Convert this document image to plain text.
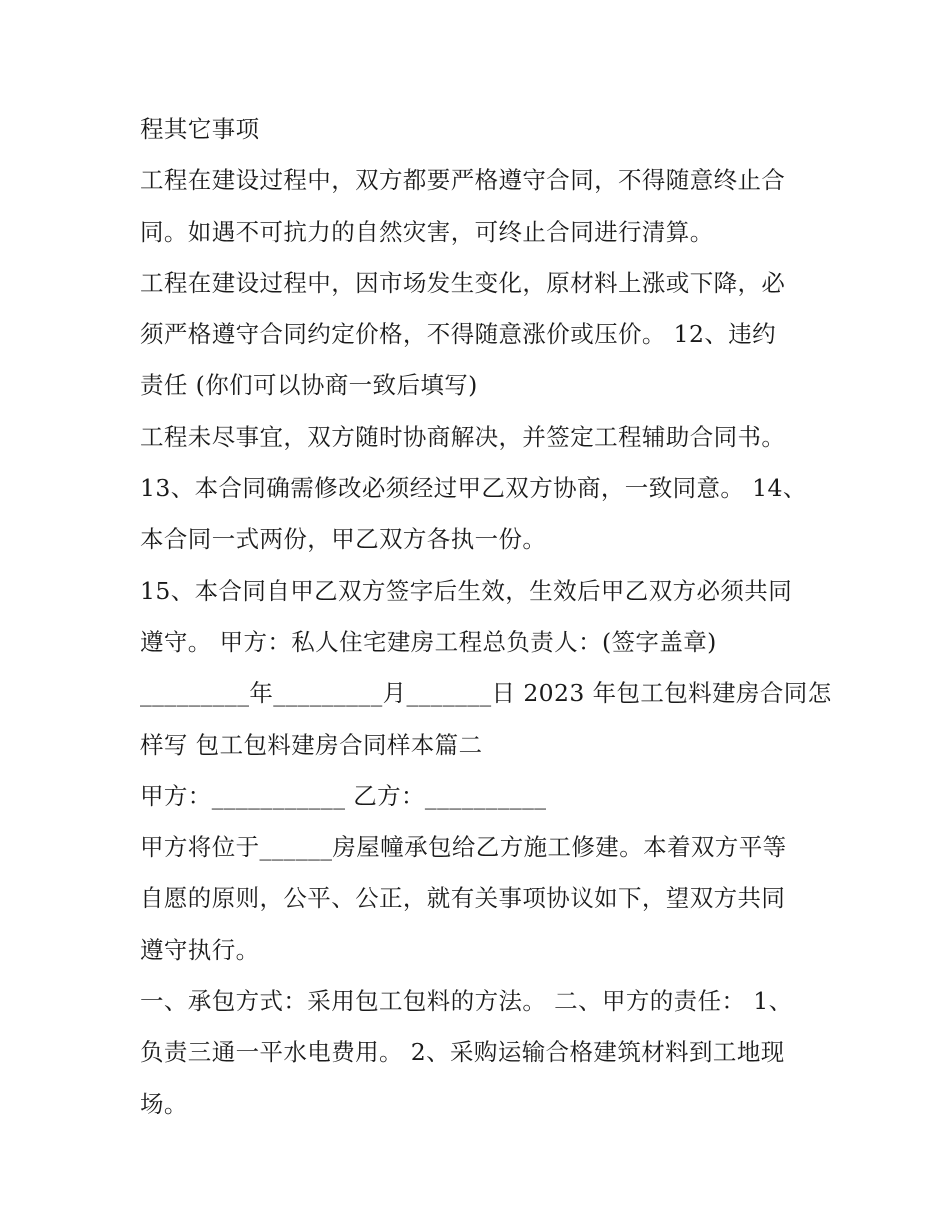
程其它事项
工程在建设过程中，双方都要严格遵守合同，不得随意终止合
同。如遇不可抗力的自然灾害，可终止合同进行清算。
工程在建设过程中，因市场发生变化，原材料上涨或下降，必
须严格遵守合同约定价格，不得随意涨价或压价。 12、违约
责任 (你们可以协商一致后填写)
工程未尽事宜，双方随时协商解决，并签定工程辅助合同书。
13、本合同确需修改必须经过甲乙双方协商，一致同意。 14、
本合同一式两份，甲乙双方各执一份。
15、本合同自甲乙双方签字后生效，生效后甲乙双方必须共同
遵守。 甲方：私人住宅建房工程总负责人：(签字盖章)
_________年_________月_______日 2023 年包工包料建房合同怎
样写 包工包料建房合同样本篇二
甲方：___________ 乙方：__________
甲方将位于______房屋幢承包给乙方施工修建。本着双方平等
自愿的原则，公平、公正，就有关事项协议如下，望双方共同
遵守执行。
一、承包方式：采用包工包料的方法。 二、甲方的责任： 1、
负责三通一平水电费用。 2、采购运输合格建筑材料到工地现
场。
